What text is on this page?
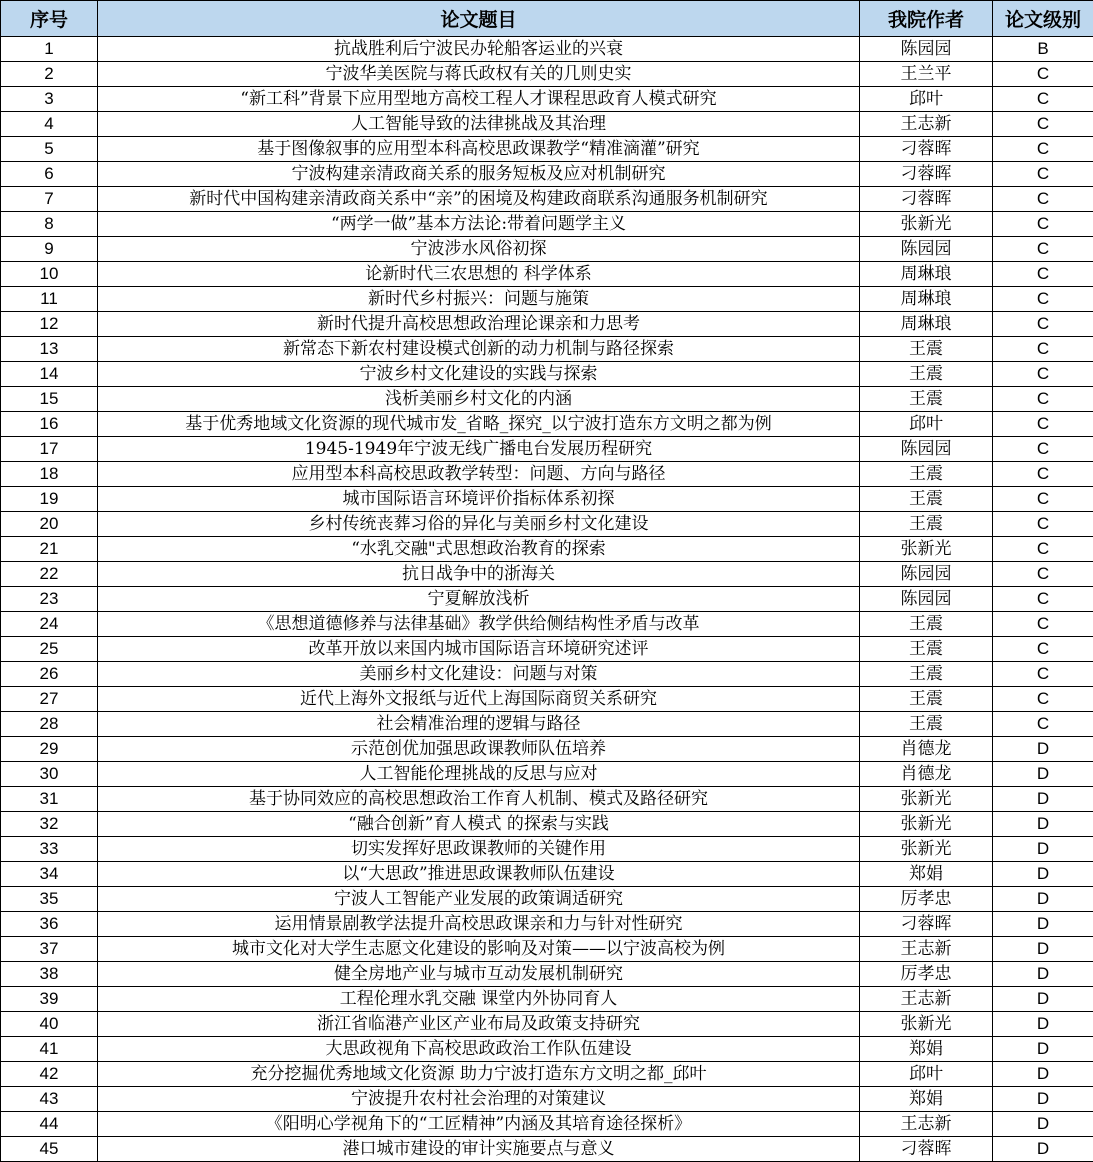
序号	论文题目	我院作者	论文级别
1	抗战胜利后宁波民办轮船客运业的兴衰	陈园园	B
2	宁波华美医院与蒋氏政权有关的几则史实	王兰平	C
3	“新工科”背景下应用型地方高校工程人才课程思政育人模式研究	邱叶	C
4	人工智能导致的法律挑战及其治理	王志新	C
5	基于图像叙事的应用型本科高校思政课教学“精准滴灌”研究	刁蓉晖	C
6	宁波构建亲清政商关系的服务短板及应对机制研究	刁蓉晖	C
7	新时代中国构建亲清政商关系中“亲”的困境及构建政商联系沟通服务机制研究	刁蓉晖	C
8	“两学一做”基本方法论:带着问题学主义	张新光	C
9	宁波涉水风俗初探	陈园园	C
10	论新时代三农思想的 科学体系	周琳琅	C
11	新时代乡村振兴：问题与施策	周琳琅	C
12	新时代提升高校思想政治理论课亲和力思考	周琳琅	C
13	新常态下新农村建设模式创新的动力机制与路径探索	王震	C
14	宁波乡村文化建设的实践与探索	王震	C
15	浅析美丽乡村文化的内涵	王震	C
16	基于优秀地域文化资源的现代城市发_省略_探究_以宁波打造东方文明之都为例	邱叶	C
17	1945-1949年宁波无线广播电台发展历程研究	陈园园	C
18	应用型本科高校思政教学转型：问题、方向与路径	王震	C
19	城市国际语言环境评价指标体系初探	王震	C
20	乡村传统丧葬习俗的异化与美丽乡村文化建设	王震	C
21	“水乳交融"式思想政治教育的探索	张新光	C
22	抗日战争中的浙海关	陈园园	C
23	宁夏解放浅析	陈园园	C
24	《思想道德修养与法律基础》教学供给侧结构性矛盾与改革	王震	C
25	改革开放以来国内城市国际语言环境研究述评	王震	C
26	美丽乡村文化建设：问题与对策	王震	C
27	近代上海外文报纸与近代上海国际商贸关系研究	王震	C
28	社会精准治理的逻辑与路径	王震	C
29	示范创优加强思政课教师队伍培养	肖德龙	D
30	人工智能伦理挑战的反思与应对	肖德龙	D
31	基于协同效应的高校思想政治工作育人机制、模式及路径研究	张新光	D
32	“融合创新”育人模式 的探索与实践	张新光	D
33	切实发挥好思政课教师的关键作用	张新光	D
34	以“大思政”推进思政课教师队伍建设	郑娟	D
35	宁波人工智能产业发展的政策调适研究	厉孝忠	D
36	运用情景剧教学法提升高校思政课亲和力与针对性研究	刁蓉晖	D
37	城市文化对大学生志愿文化建设的影响及对策——以宁波高校为例	王志新	D
38	健全房地产业与城市互动发展机制研究	厉孝忠	D
39	工程伦理水乳交融 课堂内外协同育人	王志新	D
40	浙江省临港产业区产业布局及政策支持研究	张新光	D
41	大思政视角下高校思政政治工作队伍建设	郑娟	D
42	充分挖掘优秀地域文化资源 助力宁波打造东方文明之都_邱叶	邱叶	D
43	宁波提升农村社会治理的对策建议	郑娟	D
44	《阳明心学视角下的“工匠精神”内涵及其培育途径探析》	王志新	D
45	港口城市建设的审计实施要点与意义	刁蓉晖	D
